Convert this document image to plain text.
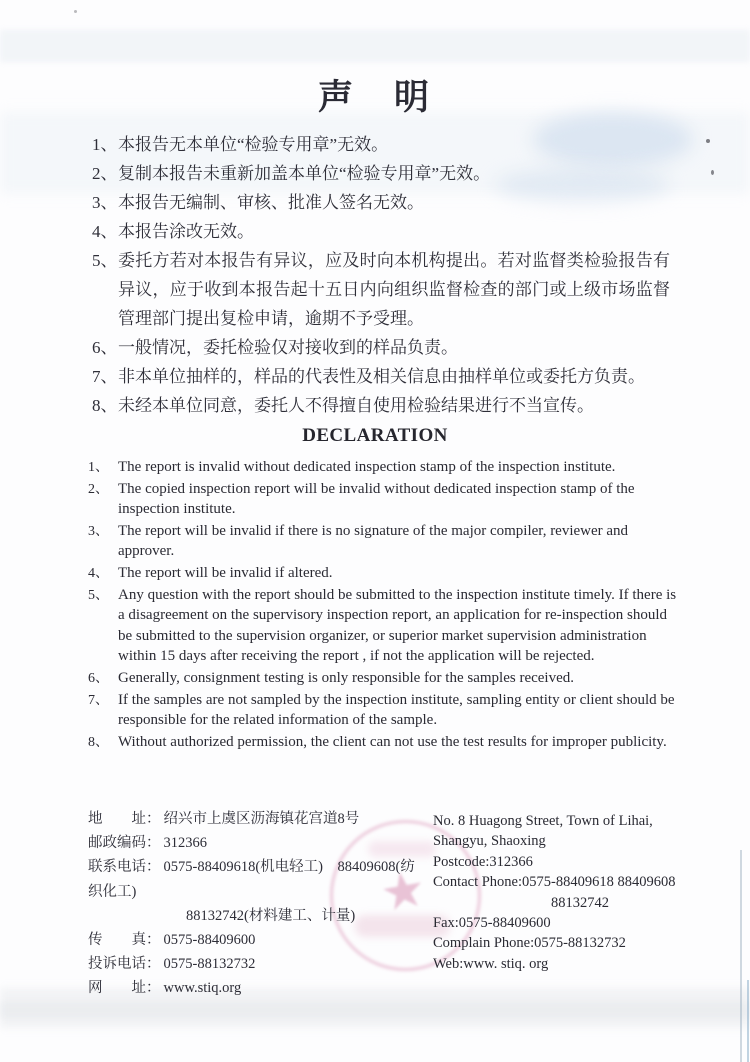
★
声　明
1、 本报告无本单位“检验专用章”无效。
2、 复制本报告未重新加盖本单位“检验专用章”无效。
3、 本报告无编制、审核、批准人签名无效。
4、 本报告涂改无效。
5、 委托方若对本报告有异议，应及时向本机构提出。若对监督类检验报告有异议，应于收到本报告起十五日内向组织监督检查的部门或上级市场监督管理部门提出复检申请，逾期不予受理。
6、 一般情况，委托检验仅对接收到的样品负责。
7、 非本单位抽样的，样品的代表性及相关信息由抽样单位或委托方负责。
8、 未经本单位同意，委托人不得擅自使用检验结果进行不当宣传。
DECLARATION
1、 The report is invalid without dedicated inspection stamp of the inspection institute.
2、 The copied inspection report will be invalid without dedicated inspection stamp of the inspection institute.
3、 The report will be invalid if there is no signature of the major compiler, reviewer and approver.
4、 The report will be invalid if altered.
5、 Any question with the report should be submitted to the inspection institute timely. If there is a disagreement on the supervisory inspection report, an application for re-inspection should be submitted to the supervision organizer, or superior market supervision administration within 15 days after receiving the report , if not the application will be rejected.
6、 Generally, consignment testing is only responsible for the samples received.
7、 If the samples are not sampled by the inspection institute, sampling entity or client should be responsible for the related information of the sample.
8、 Without authorized permission, the client can not use the test results for improper publicity.
地　　址： 绍兴市上虞区沥海镇花宫道8号
邮政编码： 312366
联系电话： 0575-88409618(机电轻工)　88409608(纺织化工)
88132742(材料建工、计量)
传　　真： 0575-88409600
投诉电话： 0575-88132732
网　　址： www.stiq.org
No. 8 Huagong Street, Town of Lihai,
Shangyu, Shaoxing
Postcode:312366
Contact Phone:0575-88409618 88409608
88132742
Fax:0575-88409600
Complain Phone:0575-88132732
Web:www. stiq. org
